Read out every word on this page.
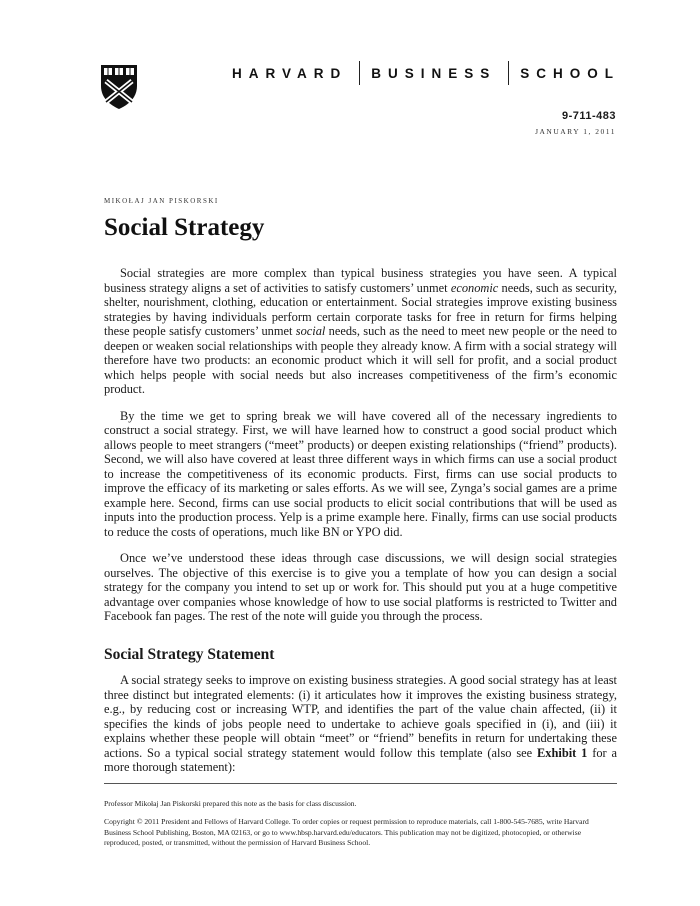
HARVARD BUSINESS SCHOOL
9-711-483
JANUARY 1, 2011
MIKOŁAJ JAN PISKORSKI
Social Strategy

Social strategies are more complex than typical business strategies you have seen. A typical business strategy aligns a set of activities to satisfy customers’ unmet economic needs, such as security, shelter, nourishment, clothing, education or entertainment. Social strategies improve existing business strategies by having individuals perform certain corporate tasks for free in return for firms helping these people satisfy customers’ unmet social needs, such as the need to meet new people or the need to deepen or weaken social relationships with people they already know. A firm with a social strategy will therefore have two products: an economic product which it will sell for profit, and a social product which helps people with social needs but also increases competitiveness of the firm’s economic product.

By the time we get to spring break we will have covered all of the necessary ingredients to construct a social strategy. First, we will have learned how to construct a good social product which allows people to meet strangers (“meet” products) or deepen existing relationships (“friend” products). Second, we will also have covered at least three different ways in which firms can use a social product to increase the competitiveness of its economic products. First, firms can use social products to improve the efficacy of its marketing or sales efforts. As we will see, Zynga’s social games are a prime example here. Second, firms can use social products to elicit social contributions that will be used as inputs into the production process. Yelp is a prime example here. Finally, firms can use social products to reduce the costs of operations, much like BN or YPO did.

Once we’ve understood these ideas through case discussions, we will design social strategies ourselves. The objective of this exercise is to give you a template of how you can design a social strategy for the company you intend to set up or work for. This should put you at a huge competitive advantage over companies whose knowledge of how to use social platforms is restricted to Twitter and Facebook fan pages. The rest of the note will guide you through the process.

Social Strategy Statement

A social strategy seeks to improve on existing business strategies. A good social strategy has at least three distinct but integrated elements: (i) it articulates how it improves the existing business strategy, e.g., by reducing cost or increasing WTP, and identifies the part of the value chain affected, (ii) it specifies the kinds of jobs people need to undertake to achieve goals specified in (i), and (iii) it explains whether these people will obtain “meet” or “friend” benefits in return for undertaking these actions. So a typical social strategy statement would follow this template (also see Exhibit 1 for a more thorough statement):

Professor Mikołaj Jan Piskorski prepared this note as the basis for class discussion.
Copyright © 2011 President and Fellows of Harvard College. To order copies or request permission to reproduce materials, call 1-800-545-7685, write Harvard Business School Publishing, Boston, MA 02163, or go to www.hbsp.harvard.edu/educators. This publication may not be digitized, photocopied, or otherwise reproduced, posted, or transmitted, without the permission of Harvard Business School.
